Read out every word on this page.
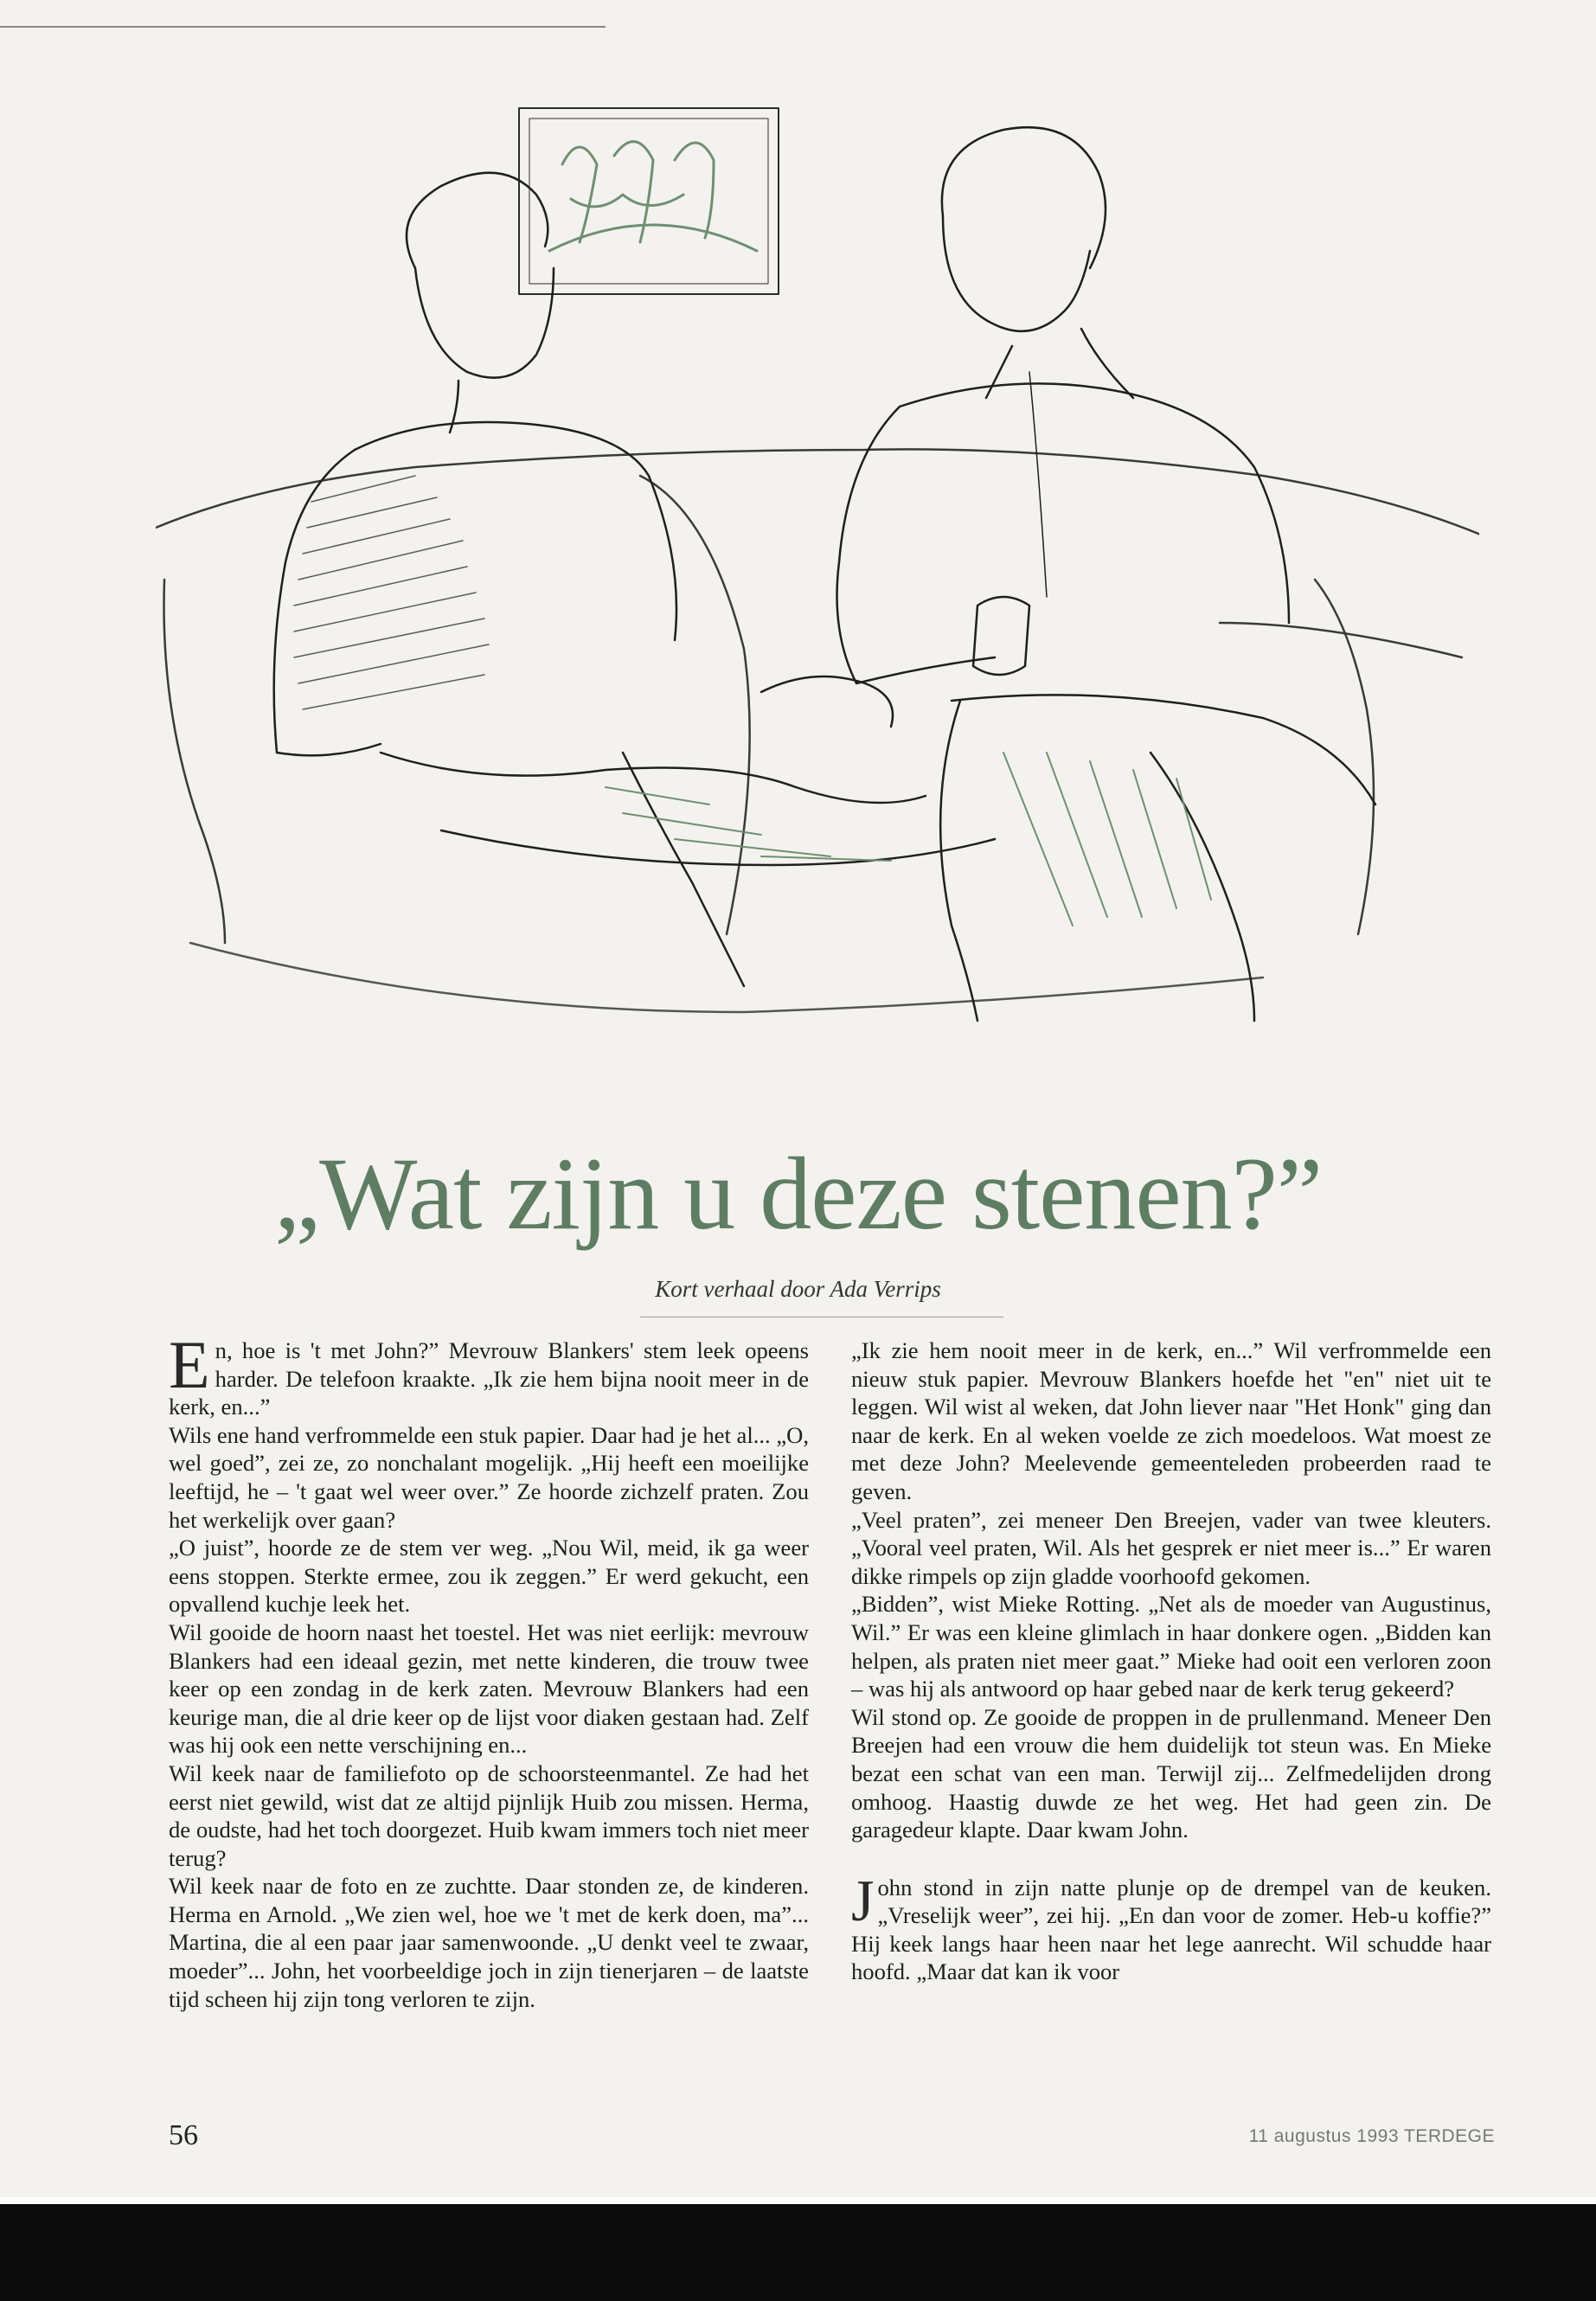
„Wat zijn u deze stenen?”
Kort verhaal door Ada Verrips

En, hoe is 't met John?” Mevrouw Blankers' stem leek opeens harder. De telefoon kraakte. „Ik zie hem bijna nooit meer in de kerk, en...”

Wils ene hand verfrommelde een stuk papier. Daar had je het al... „O, wel goed”, zei ze, zo nonchalant mogelijk. „Hij heeft een moeilijke leeftijd, he – 't gaat wel weer over.” Ze hoorde zichzelf praten. Zou het werkelijk over gaan?

„O juist”, hoorde ze de stem ver weg. „Nou Wil, meid, ik ga weer eens stoppen. Sterkte ermee, zou ik zeggen.” Er werd gekucht, een opvallend kuchje leek het.

Wil gooide de hoorn naast het toestel. Het was niet eerlijk: mevrouw Blankers had een ideaal gezin, met nette kinderen, die trouw twee keer op een zondag in de kerk zaten. Mevrouw Blankers had een keurige man, die al drie keer op de lijst voor diaken gestaan had. Zelf was hij ook een nette verschijning en...

Wil keek naar de familiefoto op de schoorsteenmantel. Ze had het eerst niet gewild, wist dat ze altijd pijnlijk Huib zou missen. Herma, de oudste, had het toch doorgezet. Huib kwam immers toch niet meer terug?

Wil keek naar de foto en ze zuchtte. Daar stonden ze, de kinderen. Herma en Arnold. „We zien wel, hoe we 't met de kerk doen, ma”... Martina, die al een paar jaar samenwoonde. „U denkt veel te zwaar, moeder”... John, het voorbeeldige joch in zijn tienerjaren – de laatste tijd scheen hij zijn tong verloren te zijn.

„Ik zie hem nooit meer in de kerk, en...” Wil verfrommelde een nieuw stuk papier. Mevrouw Blankers hoefde het "en" niet uit te leggen. Wil wist al weken, dat John liever naar "Het Honk" ging dan naar de kerk. En al weken voelde ze zich moedeloos. Wat moest ze met deze John? Meelevende gemeenteleden probeerden raad te geven.

„Veel praten”, zei meneer Den Breejen, vader van twee kleuters. „Vooral veel praten, Wil. Als het gesprek er niet meer is...” Er waren dikke rimpels op zijn gladde voorhoofd gekomen.

„Bidden”, wist Mieke Rotting. „Net als de moeder van Augustinus, Wil.” Er was een kleine glimlach in haar donkere ogen. „Bidden kan helpen, als praten niet meer gaat.” Mieke had ooit een verloren zoon – was hij als antwoord op haar gebed naar de kerk terug gekeerd?

Wil stond op. Ze gooide de proppen in de prullenmand. Meneer Den Breejen had een vrouw die hem duidelijk tot steun was. En Mieke bezat een schat van een man. Terwijl zij... Zelfmedelijden drong omhoog. Haastig duwde ze het weg. Het had geen zin. De garagedeur klapte. Daar kwam John.

John stond in zijn natte plunje op de drempel van de keuken. „Vreselijk weer”, zei hij. „En dan voor de zomer. Heb-u koffie?” Hij keek langs haar heen naar het lege aanrecht. Wil schudde haar hoofd. „Maar dat kan ik voor

56	11 augustus 1993 TERDEGE
